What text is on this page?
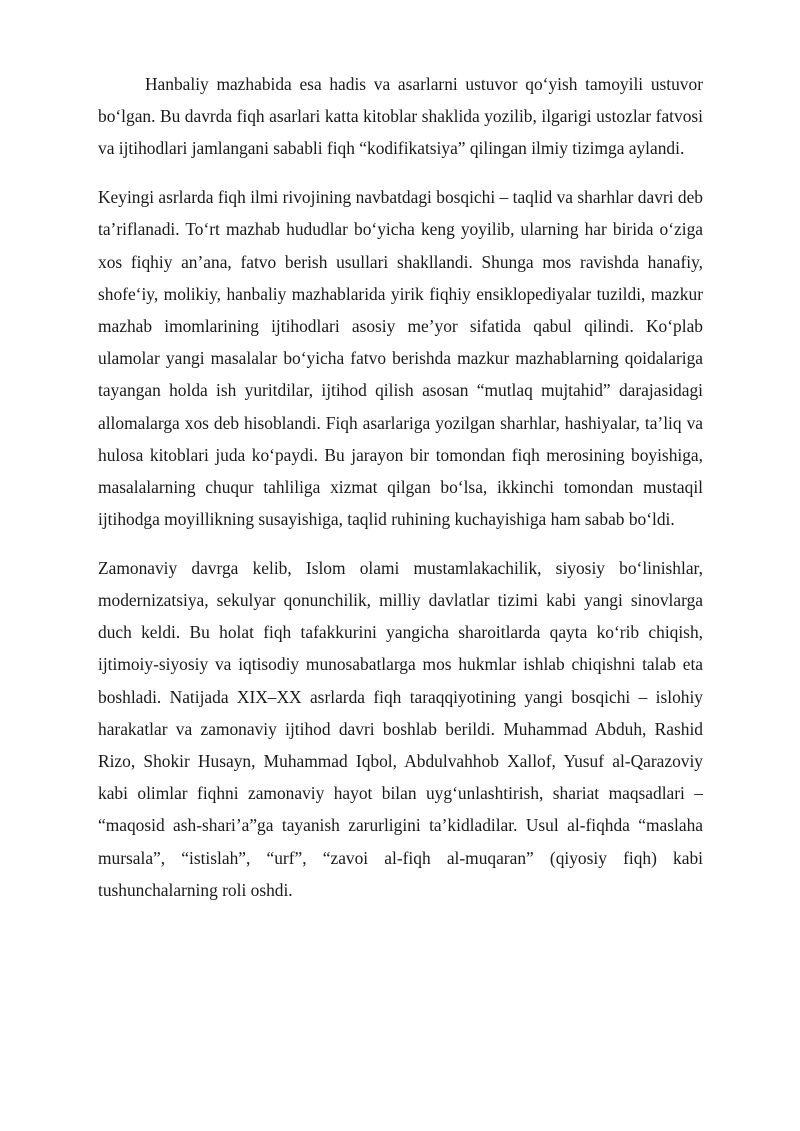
Hanbaliy mazhabida esa hadis va asarlarni ustuvor qo‘yish tamoyili ustuvor bo‘lgan. Bu davrda fiqh asarlari katta kitoblar shaklida yozilib, ilgarigi ustozlar fatvosi va ijtihodlari jamlangani sababli fiqh “kodifikatsiya” qilingan ilmiy tizimga aylandi.

Keyingi asrlarda fiqh ilmi rivojining navbatdagi bosqichi – taqlid va sharhlar davri deb ta’riflanadi. To‘rt mazhab hududlar bo‘yicha keng yoyilib, ularning har birida o‘ziga xos fiqhiy an’ana, fatvo berish usullari shakllandi. Shunga mos ravishda hanafiy, shofe‘iy, molikiy, hanbaliy mazhablarida yirik fiqhiy ensiklopediyalar tuzildi, mazkur mazhab imomlarining ijtihodlari asosiy me’yor sifatida qabul qilindi. Ko‘plab ulamolar yangi masalalar bo‘yicha fatvo berishda mazkur mazhablarning qoidalariga tayangan holda ish yuritdilar, ijtihod qilish asosan “mutlaq mujtahid” darajasidagi allomalarga xos deb hisoblandi. Fiqh asarlariga yozilgan sharhlar, hashiyalar, ta’liq va hulosa kitoblari juda ko‘paydi. Bu jarayon bir tomondan fiqh merosining boyishiga, masalalarning chuqur tahliliga xizmat qilgan bo‘lsa, ikkinchi tomondan mustaqil ijtihodga moyillikning susayishiga, taqlid ruhining kuchayishiga ham sabab bo‘ldi.

Zamonaviy davrga kelib, Islom olami mustamlakachilik, siyosiy bo‘linishlar, modernizatsiya, sekulyar qonunchilik, milliy davlatlar tizimi kabi yangi sinovlarga duch keldi. Bu holat fiqh tafakkurini yangicha sharoitlarda qayta ko‘rib chiqish, ijtimoiy-siyosiy va iqtisodiy munosabatlarga mos hukmlar ishlab chiqishni talab eta boshladi. Natijada XIX–XX asrlarda fiqh taraqqiyotining yangi bosqichi – islohiy harakatlar va zamonaviy ijtihod davri boshlab berildi. Muhammad Abduh, Rashid Rizo, Shokir Husayn, Muhammad Iqbol, Abdulvahhob Xallof, Yusuf al-Qarazoviy kabi olimlar fiqhni zamonaviy hayot bilan uyg‘unlashtirish, shariat maqsadlari – “maqosid ash-shari’a”ga tayanish zarurligini ta’kidladilar. Usul al-fiqhda “maslaha mursala”, “istislah”, “urf”, “zavoi al-fiqh al-muqaran” (qiyosiy fiqh) kabi tushunchalarning roli oshdi.
